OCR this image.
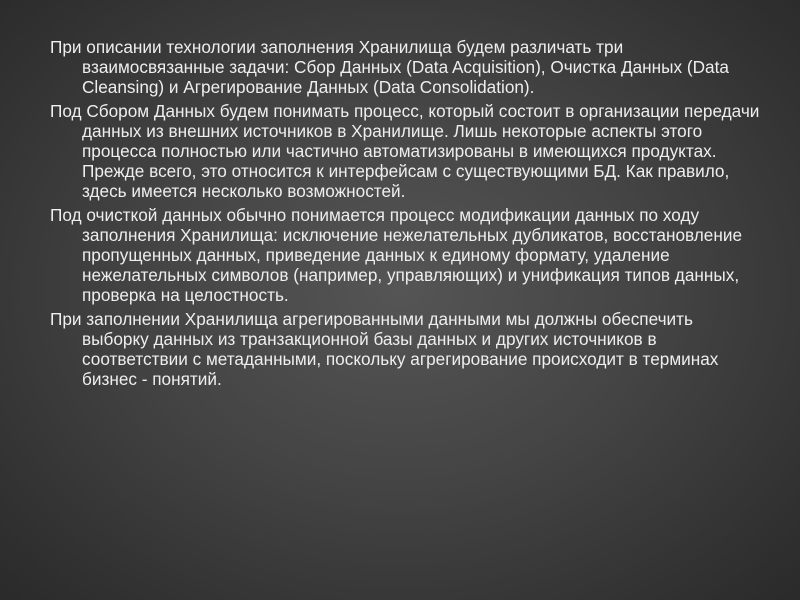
При описании технологии заполнения Хранилища будем различать три взаимосвязанные задачи: Сбор Данных (Data Acquisition), Очистка Данных (Data Cleansing) и Агрегирование Данных (Data Consolidation).

Под Сбором Данных будем понимать процесс, который состоит в организации передачи данных из внешних источников в Хранилище. Лишь некоторые аспекты этого процесса полностью или частично автоматизированы в имеющихся продуктах. Прежде всего, это относится к интерфейсам с существующими БД. Как правило, здесь имеется несколько возможностей.

Под очисткой данных обычно понимается процесс модификации данных по ходу заполнения Хранилища: исключение нежелательных дубликатов, восстановление пропущенных данных, приведение данных к единому формату, удаление нежелательных символов (например, управляющих) и унификация типов данных, проверка на целостность.

При заполнении Хранилища агрегированными данными мы должны обеспечить выборку данных из транзакционной базы данных и других источников в соответствии с метаданными, поскольку агрегирование происходит в терминах бизнес - понятий.
